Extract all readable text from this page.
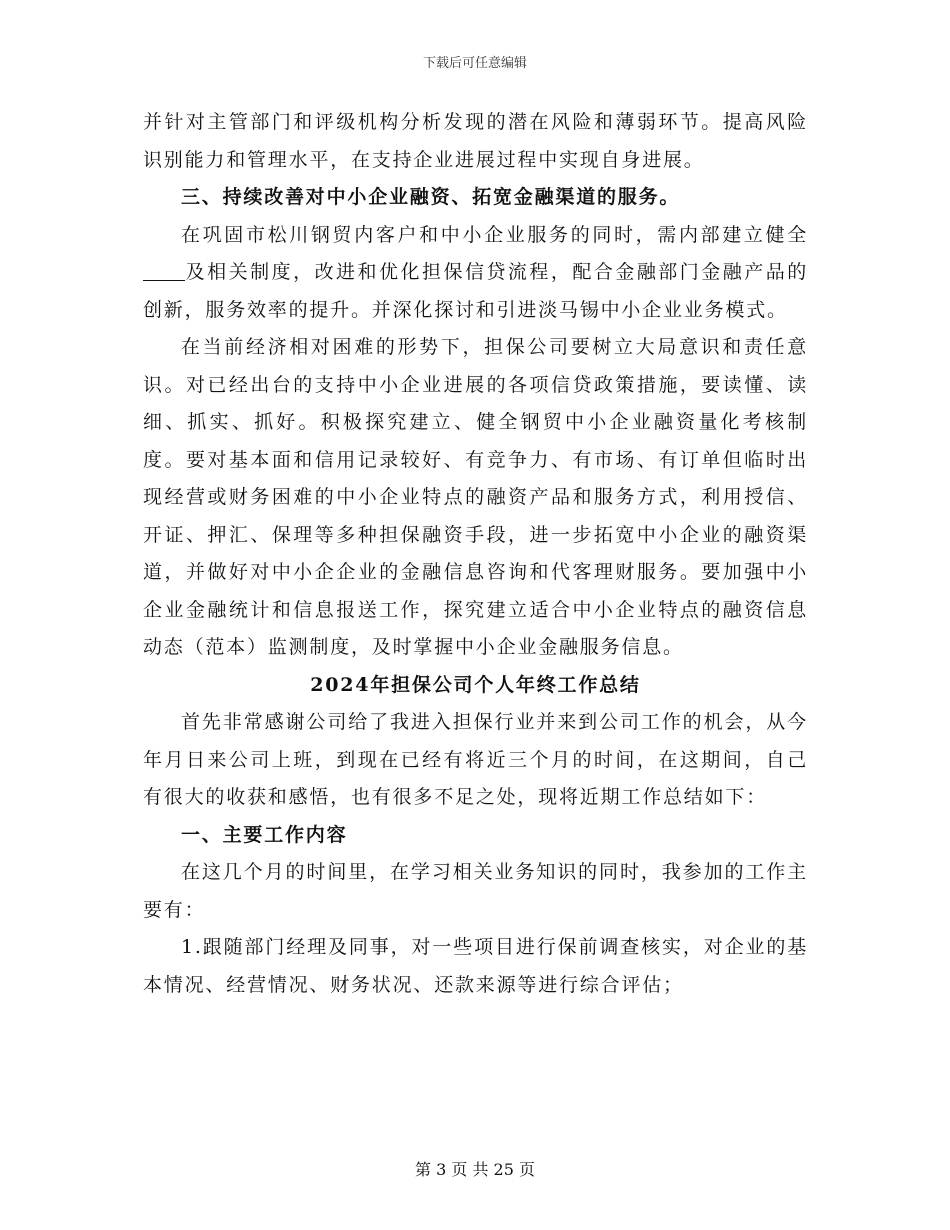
下载后可任意编辑

并针对主管部门和评级机构分析发现的潜在风险和薄弱环节。提高风险识别能力和管理水平，在支持企业进展过程中实现自身进展。

三、持续改善对中小企业融资、拓宽金融渠道的服务。

在巩固市松川钢贸内客户和中小企业服务的同时，需内部建立健全及相关制度，改进和优化担保信贷流程，配合金融部门金融产品的创新，服务效率的提升。并深化探讨和引进淡马锡中小企业业务模式。

在当前经济相对困难的形势下，担保公司要树立大局意识和责任意识。对已经出台的支持中小企业进展的各项信贷政策措施，要读懂、读细、抓实、抓好。积极探究建立、健全钢贸中小企业融资量化考核制度。要对基本面和信用记录较好、有竞争力、有市场、有订单但临时出现经营或财务困难的中小企业特点的融资产品和服务方式，利用授信、开证、押汇、保理等多种担保融资手段，进一步拓宽中小企业的融资渠道，并做好对中小企企业的金融信息咨询和代客理财服务。要加强中小企业金融统计和信息报送工作，探究建立适合中小企业特点的融资信息动态（范本）监测制度，及时掌握中小企业金融服务信息。

2024年担保公司个人年终工作总结

首先非常感谢公司给了我进入担保行业并来到公司工作的机会，从今年月日来公司上班，到现在已经有将近三个月的时间，在这期间，自己有很大的收获和感悟，也有很多不足之处，现将近期工作总结如下：

一、主要工作内容

在这几个月的时间里，在学习相关业务知识的同时，我参加的工作主要有：

1.跟随部门经理及同事，对一些项目进行保前调查核实，对企业的基本情况、经营情况、财务状况、还款来源等进行综合评估；

第 3 页 共 25 页
